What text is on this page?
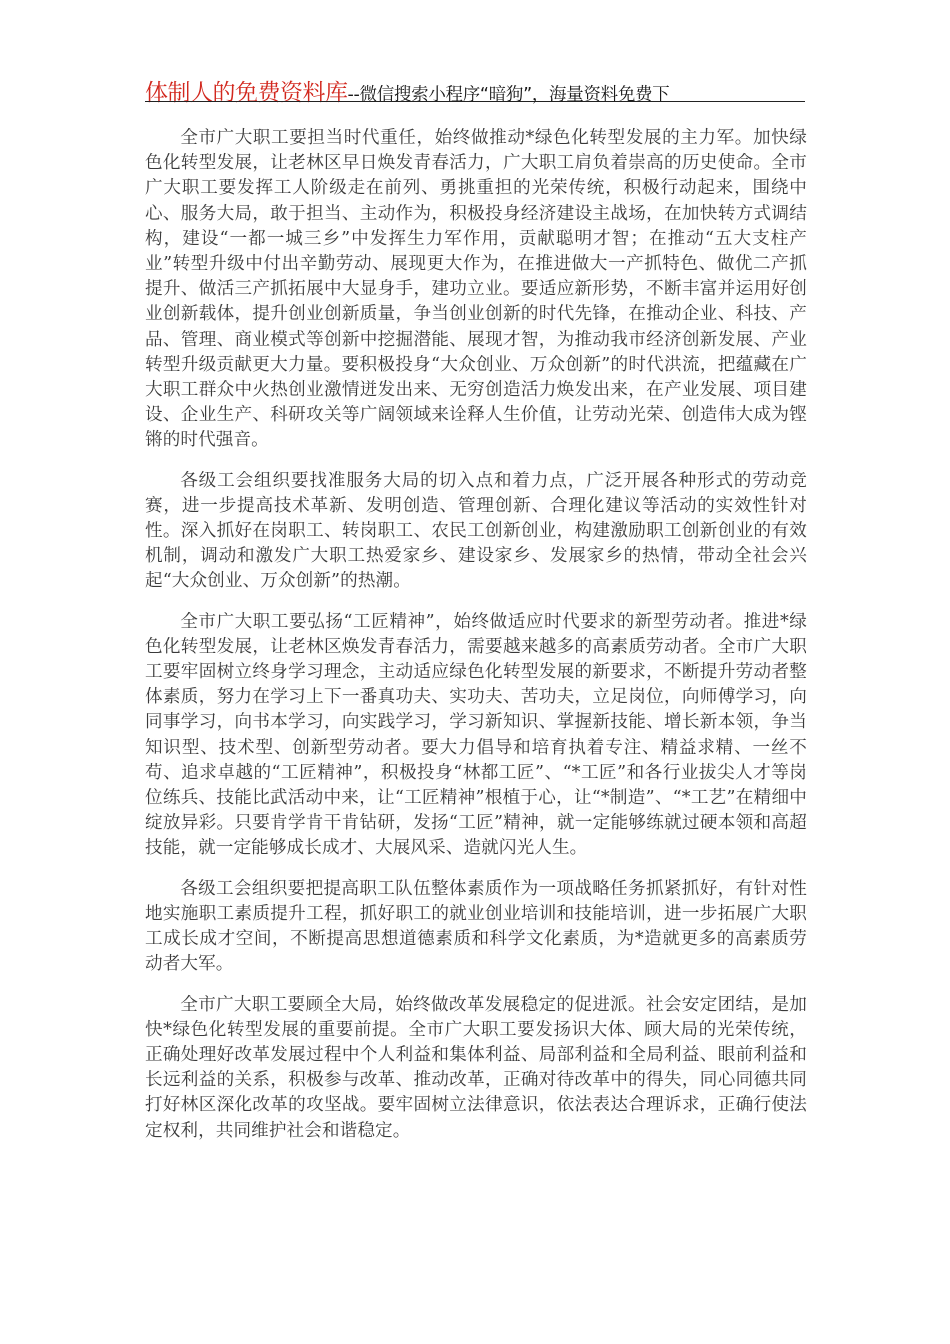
体制人的免费资料库--微信搜索小程序“暗狗”，海量资料免费下

全市广大职工要担当时代重任，始终做推动*绿色化转型发展的主力军。加快绿色化转型发展，让老林区早日焕发青春活力，广大职工肩负着崇高的历史使命。全市广大职工要发挥工人阶级走在前列、勇挑重担的光荣传统，积极行动起来，围绕中心、服务大局，敢于担当、主动作为，积极投身经济建设主战场，在加快转方式调结构，建设“一都一城三乡”中发挥生力军作用，贡献聪明才智；在推动“五大支柱产业”转型升级中付出辛勤劳动、展现更大作为，在推进做大一产抓特色、做优二产抓提升、做活三产抓拓展中大显身手，建功立业。要适应新形势，不断丰富并运用好创业创新载体，提升创业创新质量，争当创业创新的时代先锋，在推动企业、科技、产品、管理、商业模式等创新中挖掘潜能、展现才智，为推动我市经济创新发展、产业转型升级贡献更大力量。要积极投身“大众创业、万众创新”的时代洪流，把蕴藏在广大职工群众中火热创业激情迸发出来、无穷创造活力焕发出来，在产业发展、项目建设、企业生产、科研攻关等广阔领域来诠释人生价值，让劳动光荣、创造伟大成为铿锵的时代强音。

各级工会组织要找准服务大局的切入点和着力点，广泛开展各种形式的劳动竞赛，进一步提高技术革新、发明创造、管理创新、合理化建议等活动的实效性针对性。深入抓好在岗职工、转岗职工、农民工创新创业，构建激励职工创新创业的有效机制，调动和激发广大职工热爱家乡、建设家乡、发展家乡的热情，带动全社会兴起“大众创业、万众创新”的热潮。

全市广大职工要弘扬“工匠精神”，始终做适应时代要求的新型劳动者。推进*绿色化转型发展，让老林区焕发青春活力，需要越来越多的高素质劳动者。全市广大职工要牢固树立终身学习理念，主动适应绿色化转型发展的新要求，不断提升劳动者整体素质，努力在学习上下一番真功夫、实功夫、苦功夫，立足岗位，向师傅学习，向同事学习，向书本学习，向实践学习，学习新知识、掌握新技能、增长新本领，争当知识型、技术型、创新型劳动者。要大力倡导和培育执着专注、精益求精、一丝不苟、追求卓越的“工匠精神”，积极投身“林都工匠”、“*工匠”和各行业拔尖人才等岗位练兵、技能比武活动中来，让“工匠精神”根植于心，让“*制造”、“*工艺”在精细中绽放异彩。只要肯学肯干肯钻研，发扬“工匠”精神，就一定能够练就过硬本领和高超技能，就一定能够成长成才、大展风采、造就闪光人生。

各级工会组织要把提高职工队伍整体素质作为一项战略任务抓紧抓好，有针对性地实施职工素质提升工程，抓好职工的就业创业培训和技能培训，进一步拓展广大职工成长成才空间，不断提高思想道德素质和科学文化素质，为*造就更多的高素质劳动者大军。

全市广大职工要顾全大局，始终做改革发展稳定的促进派。社会安定团结，是加快*绿色化转型发展的重要前提。全市广大职工要发扬识大体、顾大局的光荣传统，正确处理好改革发展过程中个人利益和集体利益、局部利益和全局利益、眼前利益和长远利益的关系，积极参与改革、推动改革，正确对待改革中的得失，同心同德共同打好林区深化改革的攻坚战。要牢固树立法律意识，依法表达合理诉求，正确行使法定权利，共同维护社会和谐稳定。
